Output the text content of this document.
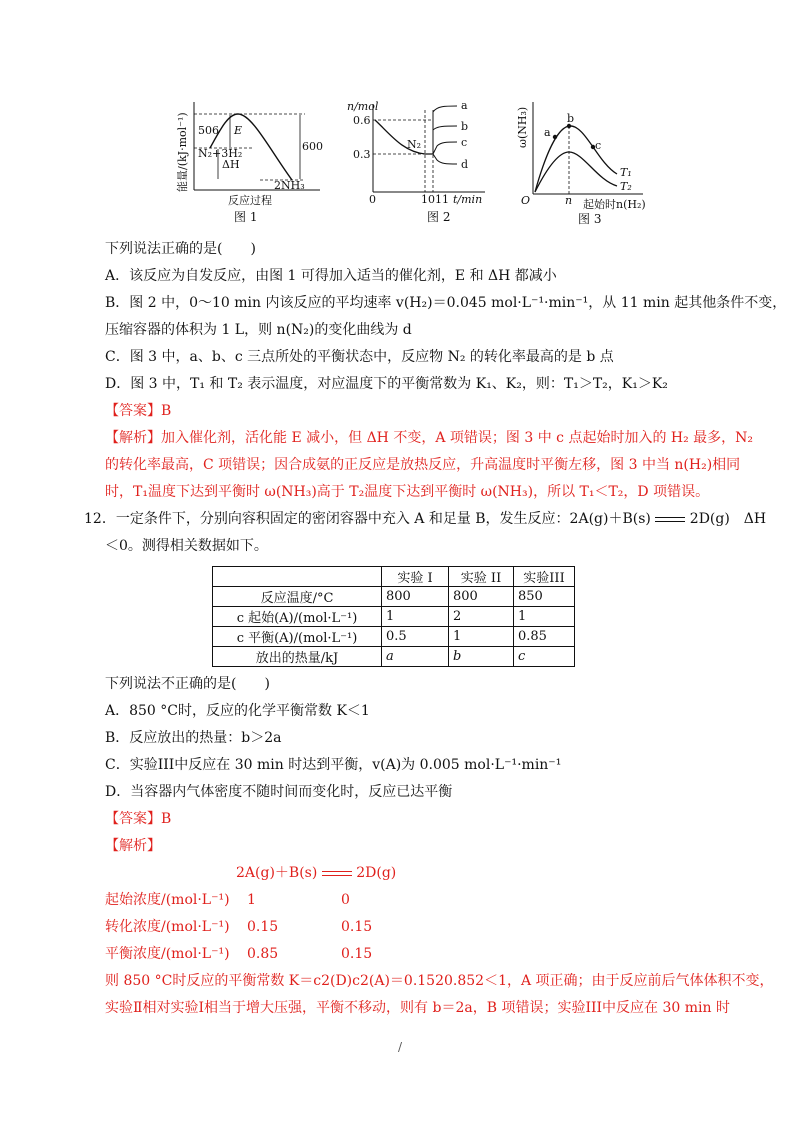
506 E
600
N₂+3H₂
ΔH
2NH₃
反应过程
能量/(kJ·mol⁻¹)
图 1
n/mol
0.6
0.3
0	1011 t/min
N₂
a
b
c
d
图 2
a
b
c
T₁
T₂
O	n 起始时n(H₂)
ω(NH₃)
图 3
下列说法正确的是(　　)
A．该反应为自发反应，由图 1 可得加入适当的催化剂，E 和 ΔH 都减小
B．图 2 中，0～10 min 内该反应的平均速率 v(H₂)＝0.045 mol·L⁻¹·min⁻¹，从 11 min 起其他条件不变，
压缩容器的体积为 1 L，则 n(N₂)的变化曲线为 d
C．图 3 中，a、b、c 三点所处的平衡状态中，反应物 N₂ 的转化率最高的是 b 点
D．图 3 中，T₁ 和 T₂ 表示温度，对应温度下的平衡常数为 K₁、K₂，则：T₁＞T₂，K₁＞K₂
【答案】B
【解析】加入催化剂，活化能 E 减小，但 ΔH 不变，A 项错误；图 3 中 c 点起始时加入的 H₂ 最多，N₂
的转化率最高，C 项错误；因合成氨的正反应是放热反应，升高温度时平衡左移，图 3 中当 n(H₂)相同
时，T₁温度下达到平衡时 ω(NH₃)高于 T₂温度下达到平衡时 ω(NH₃)，所以 T₁＜T₂，D 项错误。
12．一定条件下，分别向容积固定的密闭容器中充入 A 和足量 B，发生反应：2A(g)＋B(s)	2D(g)　ΔH
＜0。测得相关数据如下。
	实验 I	实验 II	实验III
反应温度/°C	800	800	850
c 起始(A)/(mol·L⁻¹)	1	2	1
c 平衡(A)/(mol·L⁻¹)	0.5	1	0.85
放出的热量/kJ	a	b	c
下列说法不正确的是(　　)
A．850 °C时，反应的化学平衡常数 K＜1
B．反应放出的热量：b＞2a
C．实验III中反应在 30 min 时达到平衡，v(A)为 0.005 mol·L⁻¹·min⁻¹
D．当容器内气体密度不随时间而变化时，反应已达平衡
【答案】B
【解析】
2A(g)＋B(s)	2D(g)
起始浓度/(mol·L⁻¹) 1	0
转化浓度/(mol·L⁻¹) 0.15	0.15
平衡浓度/(mol·L⁻¹) 0.85	0.15
则 850 °C时反应的平衡常数 K＝c2(D)c2(A)＝0.1520.852＜1，A 项正确；由于反应前后气体体积不变，
实验Ⅱ相对实验Ⅰ相当于增大压强，平衡不移动，则有 b＝2a，B 项错误；实验III中反应在 30 min 时
/
